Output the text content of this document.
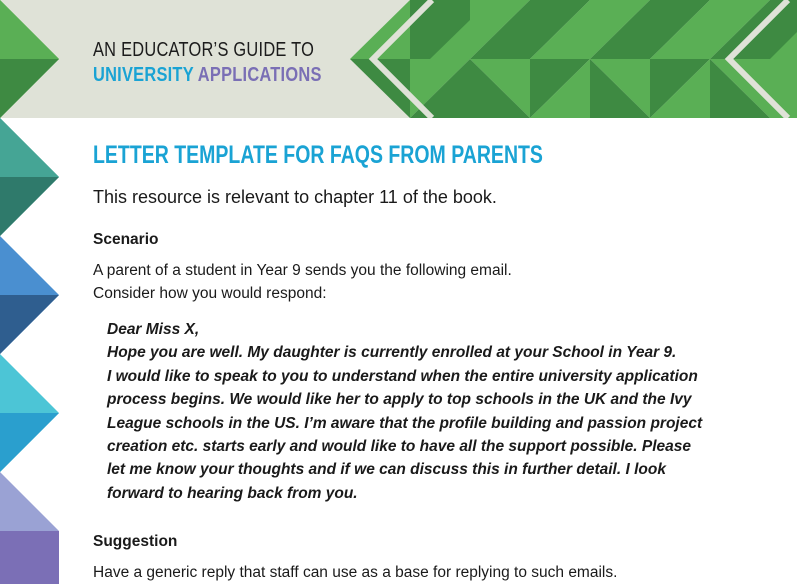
AN EDUCATOR’S GUIDE TO
UNIVERSITY APPLICATIONS
LETTER TEMPLATE FOR FAQS FROM PARENTS

This resource is relevant to chapter 11 of the book.

Scenario

A parent of a student in Year 9 sends you the following email.
Consider how you would respond:

Dear Miss X,
Hope you are well. My daughter is currently enrolled at your School in Year 9.
I would like to speak to you to understand when the entire university application
process begins. We would like her to apply to top schools in the UK and the Ivy
League schools in the US. I’m aware that the profile building and passion project
creation etc. starts early and would like to have all the support possible. Please
let me know your thoughts and if we can discuss this in further detail. I look
forward to hearing back from you.

Suggestion

Have a generic reply that staff can use as a base for replying to such emails.
